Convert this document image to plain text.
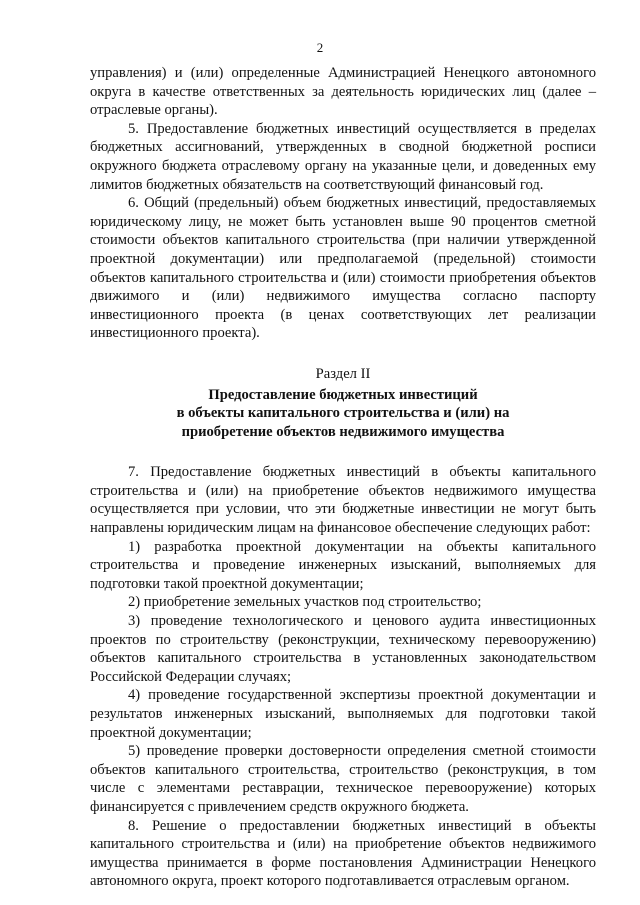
2

управления) и (или) определенные Администрацией Ненецкого автономного округа в качестве ответственных за деятельность юридических лиц (далее – отраслевые органы).

5. Предоставление бюджетных инвестиций осуществляется в пределах бюджетных ассигнований, утвержденных в сводной бюджетной росписи окружного бюджета отраслевому органу на указанные цели, и доведенных ему лимитов бюджетных обязательств на соответствующий финансовый год.

6. Общий (предельный) объем бюджетных инвестиций, предоставляемых юридическому лицу, не может быть установлен выше 90 процентов сметной стоимости объектов капитального строительства (при наличии утвержденной проектной документации) или предполагаемой (предельной) стоимости объектов капитального строительства и (или) стоимости приобретения объектов движимого и (или) недвижимого имущества согласно паспорту инвестиционного проекта (в ценах соответствующих лет реализации инвестиционного проекта).

Раздел II
Предоставление бюджетных инвестиций
в объекты капитального строительства и (или) на
приобретение объектов недвижимого имущества

7. Предоставление бюджетных инвестиций в объекты капитального строительства и (или) на приобретение объектов недвижимого имущества осуществляется при условии, что эти бюджетные инвестиции не могут быть направлены юридическим лицам на финансовое обеспечение следующих работ:

1) разработка проектной документации на объекты капитального строительства и проведение инженерных изысканий, выполняемых для подготовки такой проектной документации;

2) приобретение земельных участков под строительство;

3) проведение технологического и ценового аудита инвестиционных проектов по строительству (реконструкции, техническому перевооружению) объектов капитального строительства в установленных законодательством Российской Федерации случаях;

4) проведение государственной экспертизы проектной документации и результатов инженерных изысканий, выполняемых для подготовки такой проектной документации;

5) проведение проверки достоверности определения сметной стоимости объектов капитального строительства, строительство (реконструкция, в том числе с элементами реставрации, техническое перевооружение) которых финансируется с привлечением средств окружного бюджета.

8. Решение о предоставлении бюджетных инвестиций в объекты капитального строительства и (или) на приобретение объектов недвижимого имущества принимается в форме постановления Администрации Ненецкого автономного округа, проект которого подготавливается отраслевым органом.
